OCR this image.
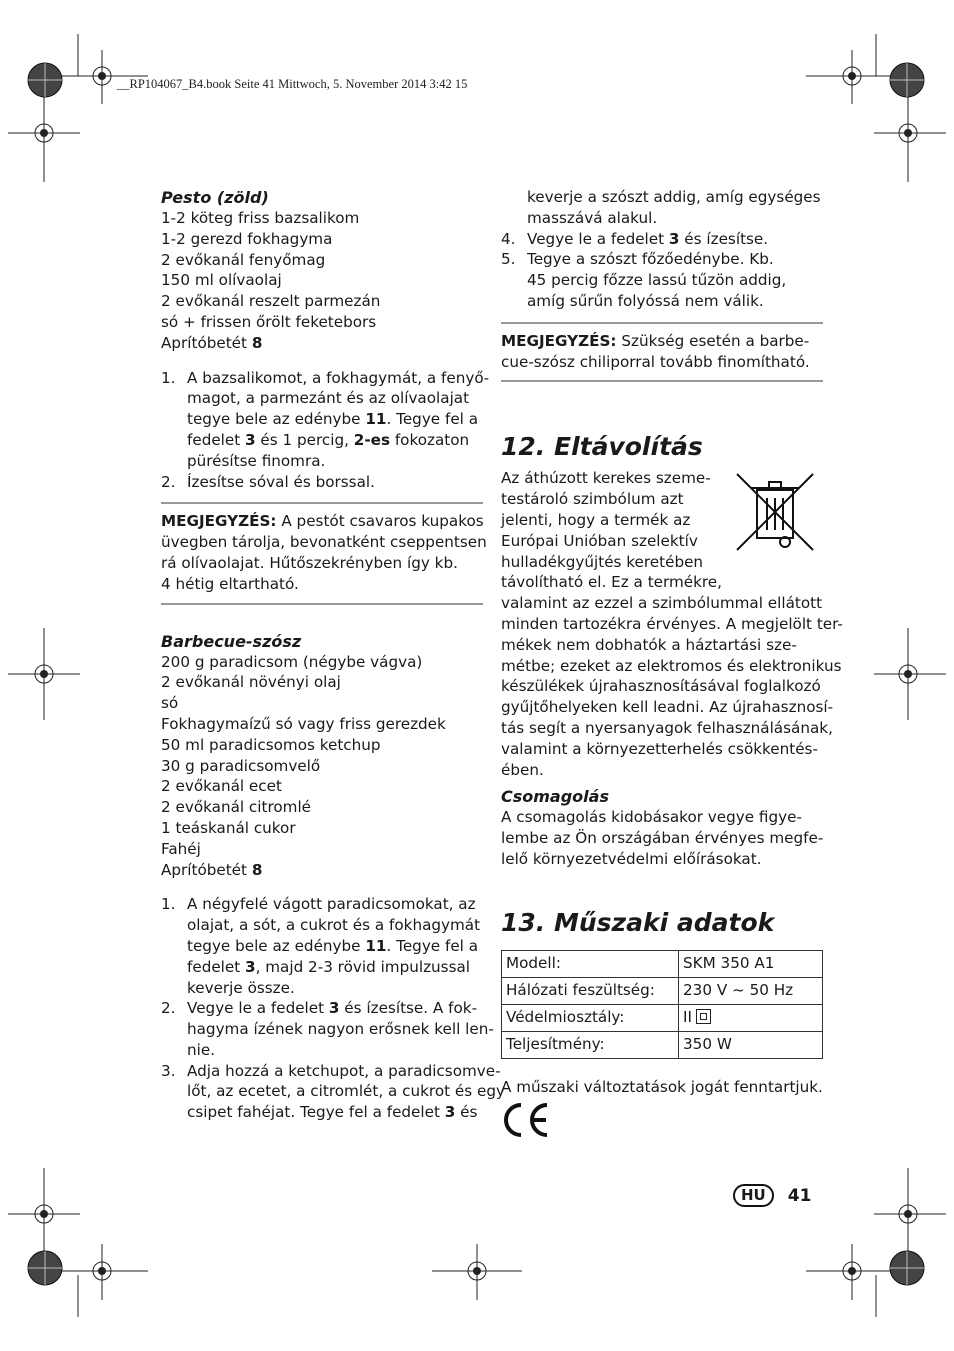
__RP104067_B4.book Seite 41 Mittwoch, 5. November 2014 3:42 15
Pesto (zöld)
1-2 köteg friss bazsalikom
1-2 gerezd fokhagyma
2 evőkanál fenyőmag
150 ml olívaolaj
2 evőkanál reszelt parmezán
só + frissen őrölt feketebors
Aprítóbetét 8
1. A bazsalikomot, a fokhagymát, a fenyő-
magot, a parmezánt és az olívaolajat
tegye bele az edénybe 11. Tegye fel a
fedelet 3 és 1 percig, 2-es fokozaton
pürésítse finomra.
2. Ízesítse sóval és borssal.
MEGJEGYZÉS: A pestót csavaros kupakos
üvegben tárolja, bevonatként cseppentsen
rá olívaolajat. Hűtőszekrényben így kb.
4 hétig eltartható.
Barbecue-szósz
200 g paradicsom (négybe vágva)
2 evőkanál növényi olaj
só
Fokhagymaízű só vagy friss gerezdek
50 ml paradicsomos ketchup
30 g paradicsomvelő
2 evőkanál ecet
2 evőkanál citromlé
1 teáskanál cukor
Fahéj
Aprítóbetét 8
1. A négyfelé vágott paradicsomokat, az
olajat, a sót, a cukrot és a fokhagymát
tegye bele az edénybe 11. Tegye fel a
fedelet 3, majd 2-3 rövid impulzussal
keverje össze.
2. Vegye le a fedelet 3 és ízesítse. A fok-
hagyma ízének nagyon erősnek kell len-
nie.
3. Adja hozzá a ketchupot, a paradicsomve-
lőt, az ecetet, a citromlét, a cukrot és egy
csipet fahéjat. Tegye fel a fedelet 3 és
keverje a szószt addig, amíg egységes
masszává alakul.
4. Vegye le a fedelet 3 és ízesítse.
5. Tegye a szószt főzőedénybe. Kb.
45 percig főzze lassú tűzön addig,
amíg sűrűn folyóssá nem válik.
MEGJEGYZÉS: Szükség esetén a barbe-
cue-szósz chiliporral tovább finomítható.
12. Eltávolítás
Az áthúzott kerekes szeme-
testároló szimbólum azt
jelenti, hogy a termék az
Európai Unióban szelektív
hulladékgyűjtés keretében
távolítható el. Ez a termékre,
valamint az ezzel a szimbólummal ellátott
minden tartozékra érvényes. A megjelölt ter-
mékek nem dobhatók a háztartási sze-
métbe; ezeket az elektromos és elektronikus
készülékek újrahasznosításával foglalkozó
gyűjtőhelyeken kell leadni. Az újrahasznosí-
tás segít a nyersanyagok felhasználásának,
valamint a környezetterhelés csökkentés-
ében.
Csomagolás
A csomagolás kidobásakor vegye figye-
lembe az Ön országában érvényes megfe-
lelő környezetvédelmi előírásokat.
13. Műszaki adatok
Modell:	SKM 350 A1
Hálózati feszültség:	230 V ~ 50 Hz
Védelmiosztály:	II
Teljesítmény:	350 W
A műszaki változtatások jogát fenntartjuk.
HU	41
